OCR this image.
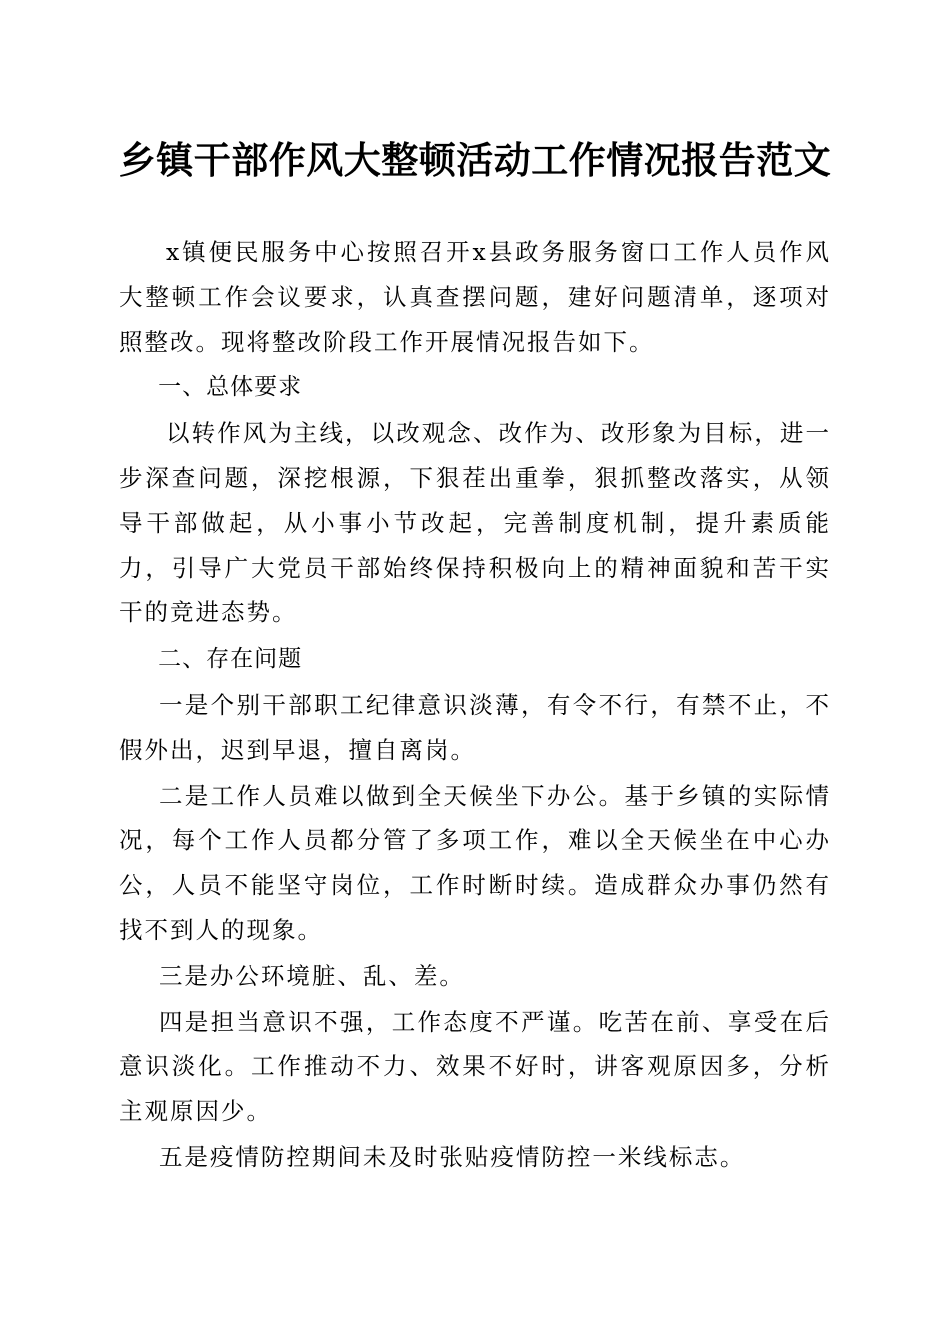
乡镇干部作风大整顿活动工作情况报告范文

x镇便民服务中心按照召开x县政务服务窗口工作人员作风大整顿工作会议要求，认真查摆问题，建好问题清单，逐项对照整改。现将整改阶段工作开展情况报告如下。

一、总体要求

以转作风为主线，以改观念、改作为、改形象为目标，进一步深查问题，深挖根源，下狠茬出重拳，狠抓整改落实，从领导干部做起，从小事小节改起，完善制度机制，提升素质能力，引导广大党员干部始终保持积极向上的精神面貌和苦干实干的竞进态势。

二、存在问题

一是个别干部职工纪律意识淡薄，有令不行，有禁不止，不假外出，迟到早退，擅自离岗。

二是工作人员难以做到全天候坐下办公。基于乡镇的实际情况，每个工作人员都分管了多项工作，难以全天候坐在中心办公，人员不能坚守岗位，工作时断时续。造成群众办事仍然有找不到人的现象。

三是办公环境脏、乱、差。

四是担当意识不强，工作态度不严谨。吃苦在前、享受在后意识淡化。工作推动不力、效果不好时，讲客观原因多，分析主观原因少。

五是疫情防控期间未及时张贴疫情防控一米线标志。
